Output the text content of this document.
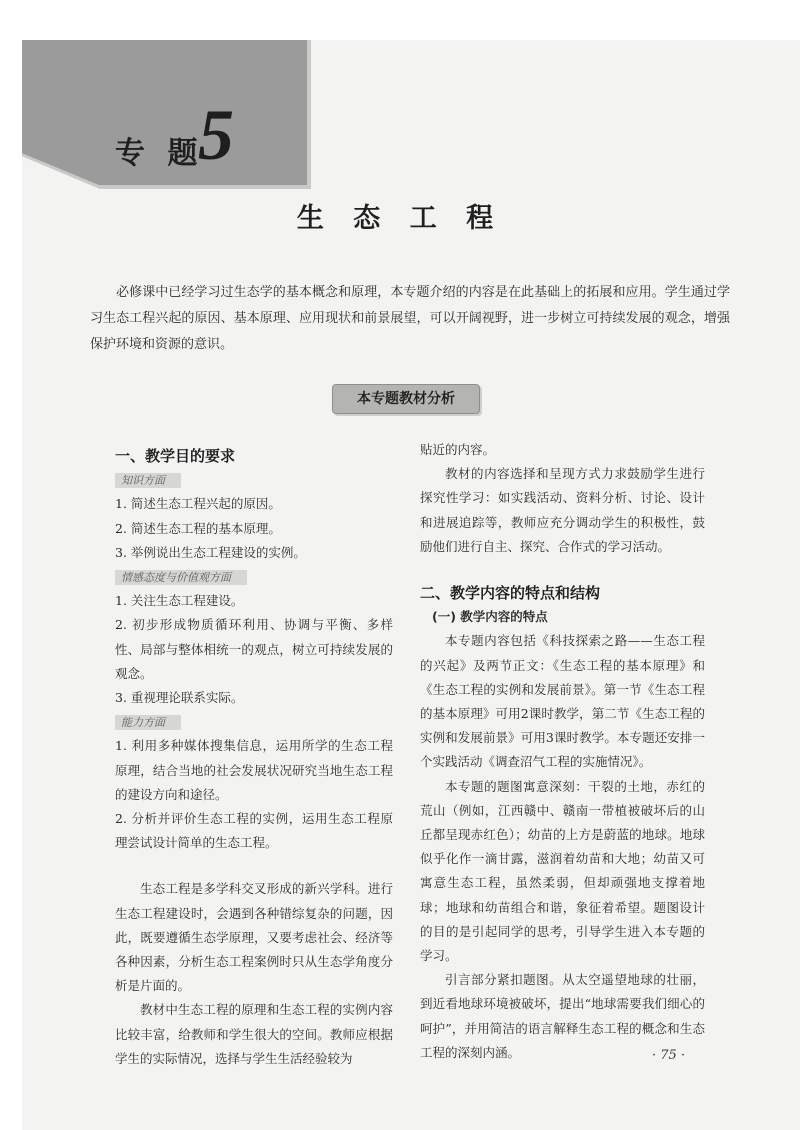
专 题
5
生 态 工 程
必修课中已经学习过生态学的基本概念和原理，本专题介绍的内容是在此基础上的拓展和应用。学生通过学习生态工程兴起的原因、基本原理、应用现状和前景展望，可以开阔视野，进一步树立可持续发展的观念，增强保护环境和资源的意识。
本专题教材分析
一、教学目的要求
知识方面
1. 简述生态工程兴起的原因。
2. 简述生态工程的基本原理。
3. 举例说出生态工程建设的实例。
情感态度与价值观方面
1. 关注生态工程建设。
2. 初步形成物质循环利用、协调与平衡、多样性、局部与整体相统一的观点，树立可持续发展的观念。
3. 重视理论联系实际。
能力方面
1. 利用多种媒体搜集信息，运用所学的生态工程原理，结合当地的社会发展状况研究当地生态工程的建设方向和途径。
2. 分析并评价生态工程的实例，运用生态工程原理尝试设计简单的生态工程。
生态工程是多学科交叉形成的新兴学科。进行生态工程建设时，会遇到各种错综复杂的问题，因此，既要遵循生态学原理，又要考虑社会、经济等各种因素，分析生态工程案例时只从生态学角度分析是片面的。
教材中生态工程的原理和生态工程的实例内容比较丰富，给教师和学生很大的空间。教师应根据学生的实际情况，选择与学生生活经验较为
贴近的内容。
教材的内容选择和呈现方式力求鼓励学生进行探究性学习：如实践活动、资料分析、讨论、设计和进展追踪等，教师应充分调动学生的积极性，鼓励他们进行自主、探究、合作式的学习活动。
二、教学内容的特点和结构
(一) 教学内容的特点
本专题内容包括《科技探索之路——生态工程的兴起》及两节正文：《生态工程的基本原理》和《生态工程的实例和发展前景》。第一节《生态工程的基本原理》可用2课时教学，第二节《生态工程的实例和发展前景》可用3课时教学。本专题还安排一个实践活动《调查沼气工程的实施情况》。
本专题的题图寓意深刻：干裂的土地，赤红的荒山（例如，江西赣中、赣南一带植被破坏后的山丘都呈现赤红色）；幼苗的上方是蔚蓝的地球。地球似乎化作一滴甘露，滋润着幼苗和大地；幼苗又可寓意生态工程，虽然柔弱，但却顽强地支撑着地球；地球和幼苗组合和谐，象征着希望。题图设计的目的是引起同学的思考，引导学生进入本专题的学习。
引言部分紧扣题图。从太空遥望地球的壮丽，到近看地球环境被破坏，提出“地球需要我们细心的呵护”，并用简洁的语言解释生态工程的概念和生态工程的深刻内涵。	· 75 ·
